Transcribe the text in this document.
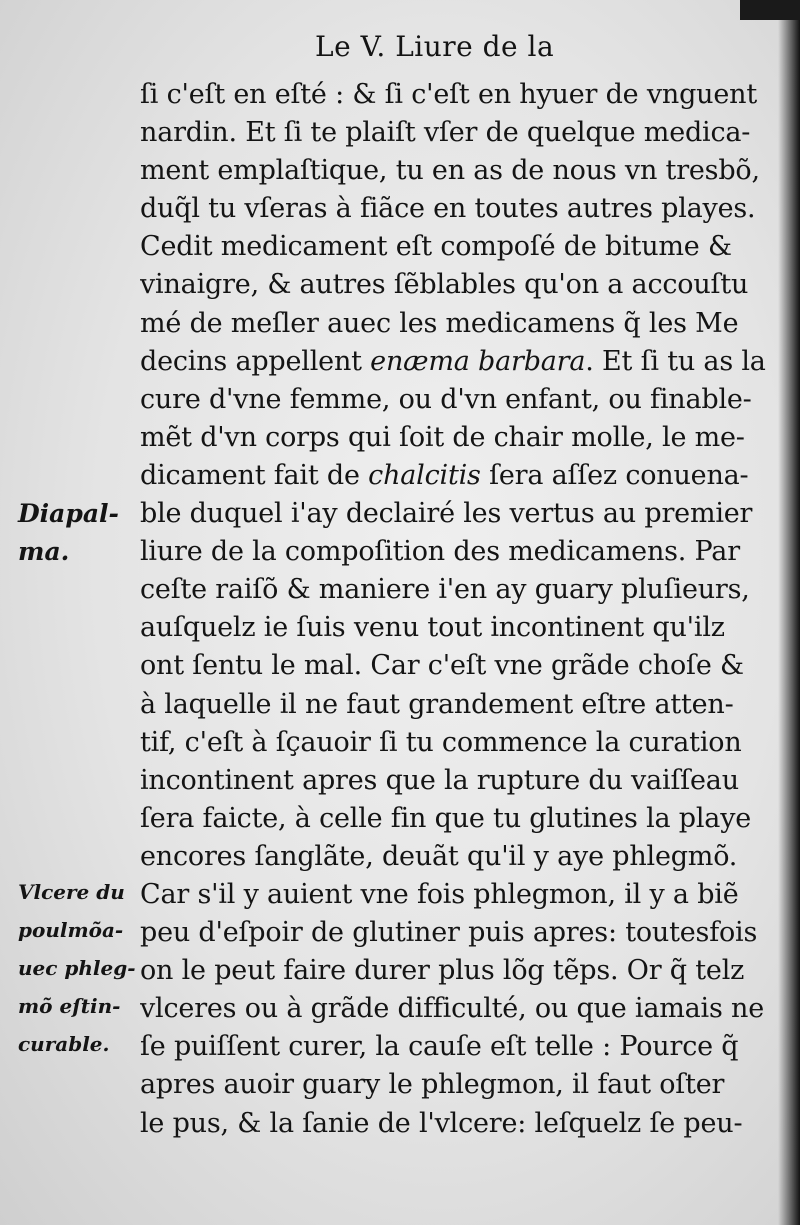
Le V. Liure de la
ſi c'eſt en eſté : & ſi c'eſt en hyuer de vnguent
nardin. Et ſi te plaiſt vſer de quelque medica-
ment emplaſtique, tu en as de nous vn tresbõ,
duq̃l tu vſeras à fiãce en toutes autres playes.
Cedit medicament eſt compoſé de bitume &
vinaigre, & autres ſẽblables qu'on a accouſtu
mé de meſler auec les medicamens q̃ les Me
decins appellent enæma barbara. Et ſi tu as la
cure d'vne femme, ou d'vn enfant, ou finable-
mẽt d'vn corps qui ſoit de chair molle, le me-
dicament fait de chalcitis ſera aſſez conuena-
ble duquel i'ay declairé les vertus au premier
liure de la compoſition des medicamens. Par
ceſte raiſõ & maniere i'en ay guary pluſieurs,
auſquelz ie ſuis venu tout incontinent qu'ilz
ont ſentu le mal. Car c'eſt vne grãde choſe &
à laquelle il ne faut grandement eſtre atten-
tif, c'eſt à ſçauoir ſi tu commence la curation
incontinent apres que la rupture du vaiſſeau
ſera faicte, à celle fin que tu glutines la playe
encores ſanglãte, deuãt qu'il y aye phlegmõ.
Car s'il y auient vne fois phlegmon, il y a biẽ
peu d'eſpoir de glutiner puis apres: toutesfois
on le peut faire durer plus lõg tẽps. Or q̃ telz
vlceres ou à grãde difficulté, ou que iamais ne
ſe puiſſent curer, la cauſe eſt telle : Pource q̃
apres auoir guary le phlegmon, il faut oſter
le pus, & la ſanie de l'vlcere: leſquelz ſe peu-
Diapal-
ma.
Vlcere du
poulmõa-
uec phleg-
mõ eſtin-
curable.
